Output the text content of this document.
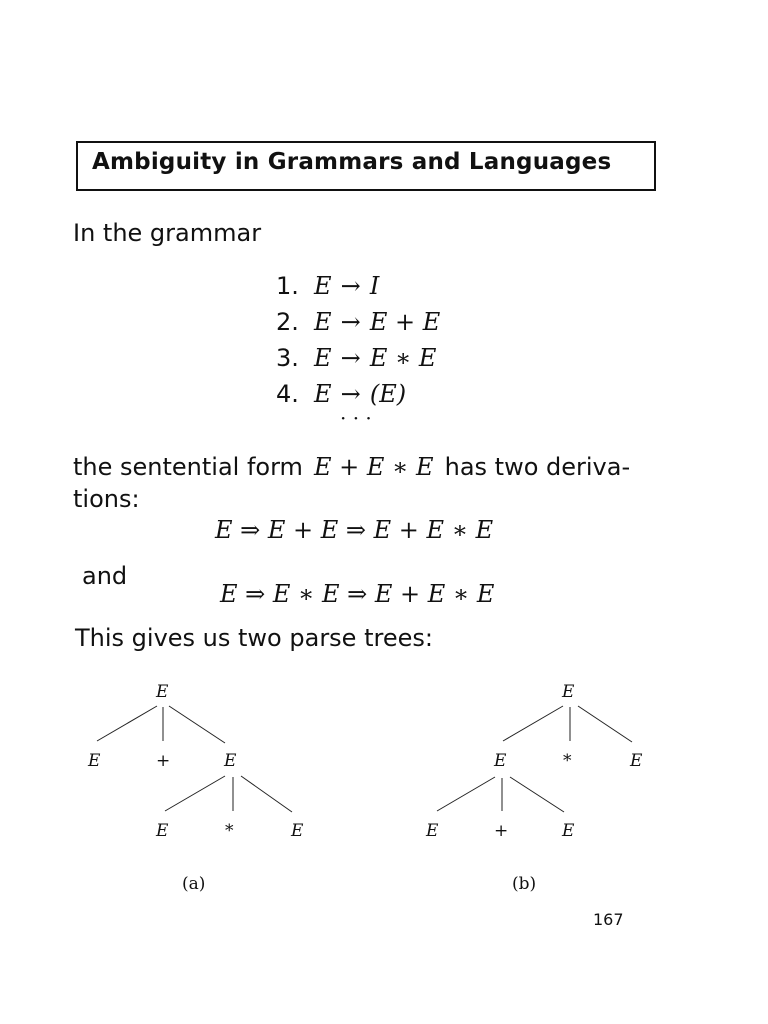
Ambiguity in Grammars and Languages
In the grammar
1. E → I
2. E → E + E
3. E → E ∗ E
4. E → (E)
· · ·
the sentential form E + E ∗ E has two deriva-
tions:
E ⇒ E + E ⇒ E + E ∗ E
and
E ⇒ E ∗ E ⇒ E + E ∗ E
This gives us two parse trees:
E
E	+	E
E	*	E
(a)
E
E	*	E
E	+	E
(b)
167
